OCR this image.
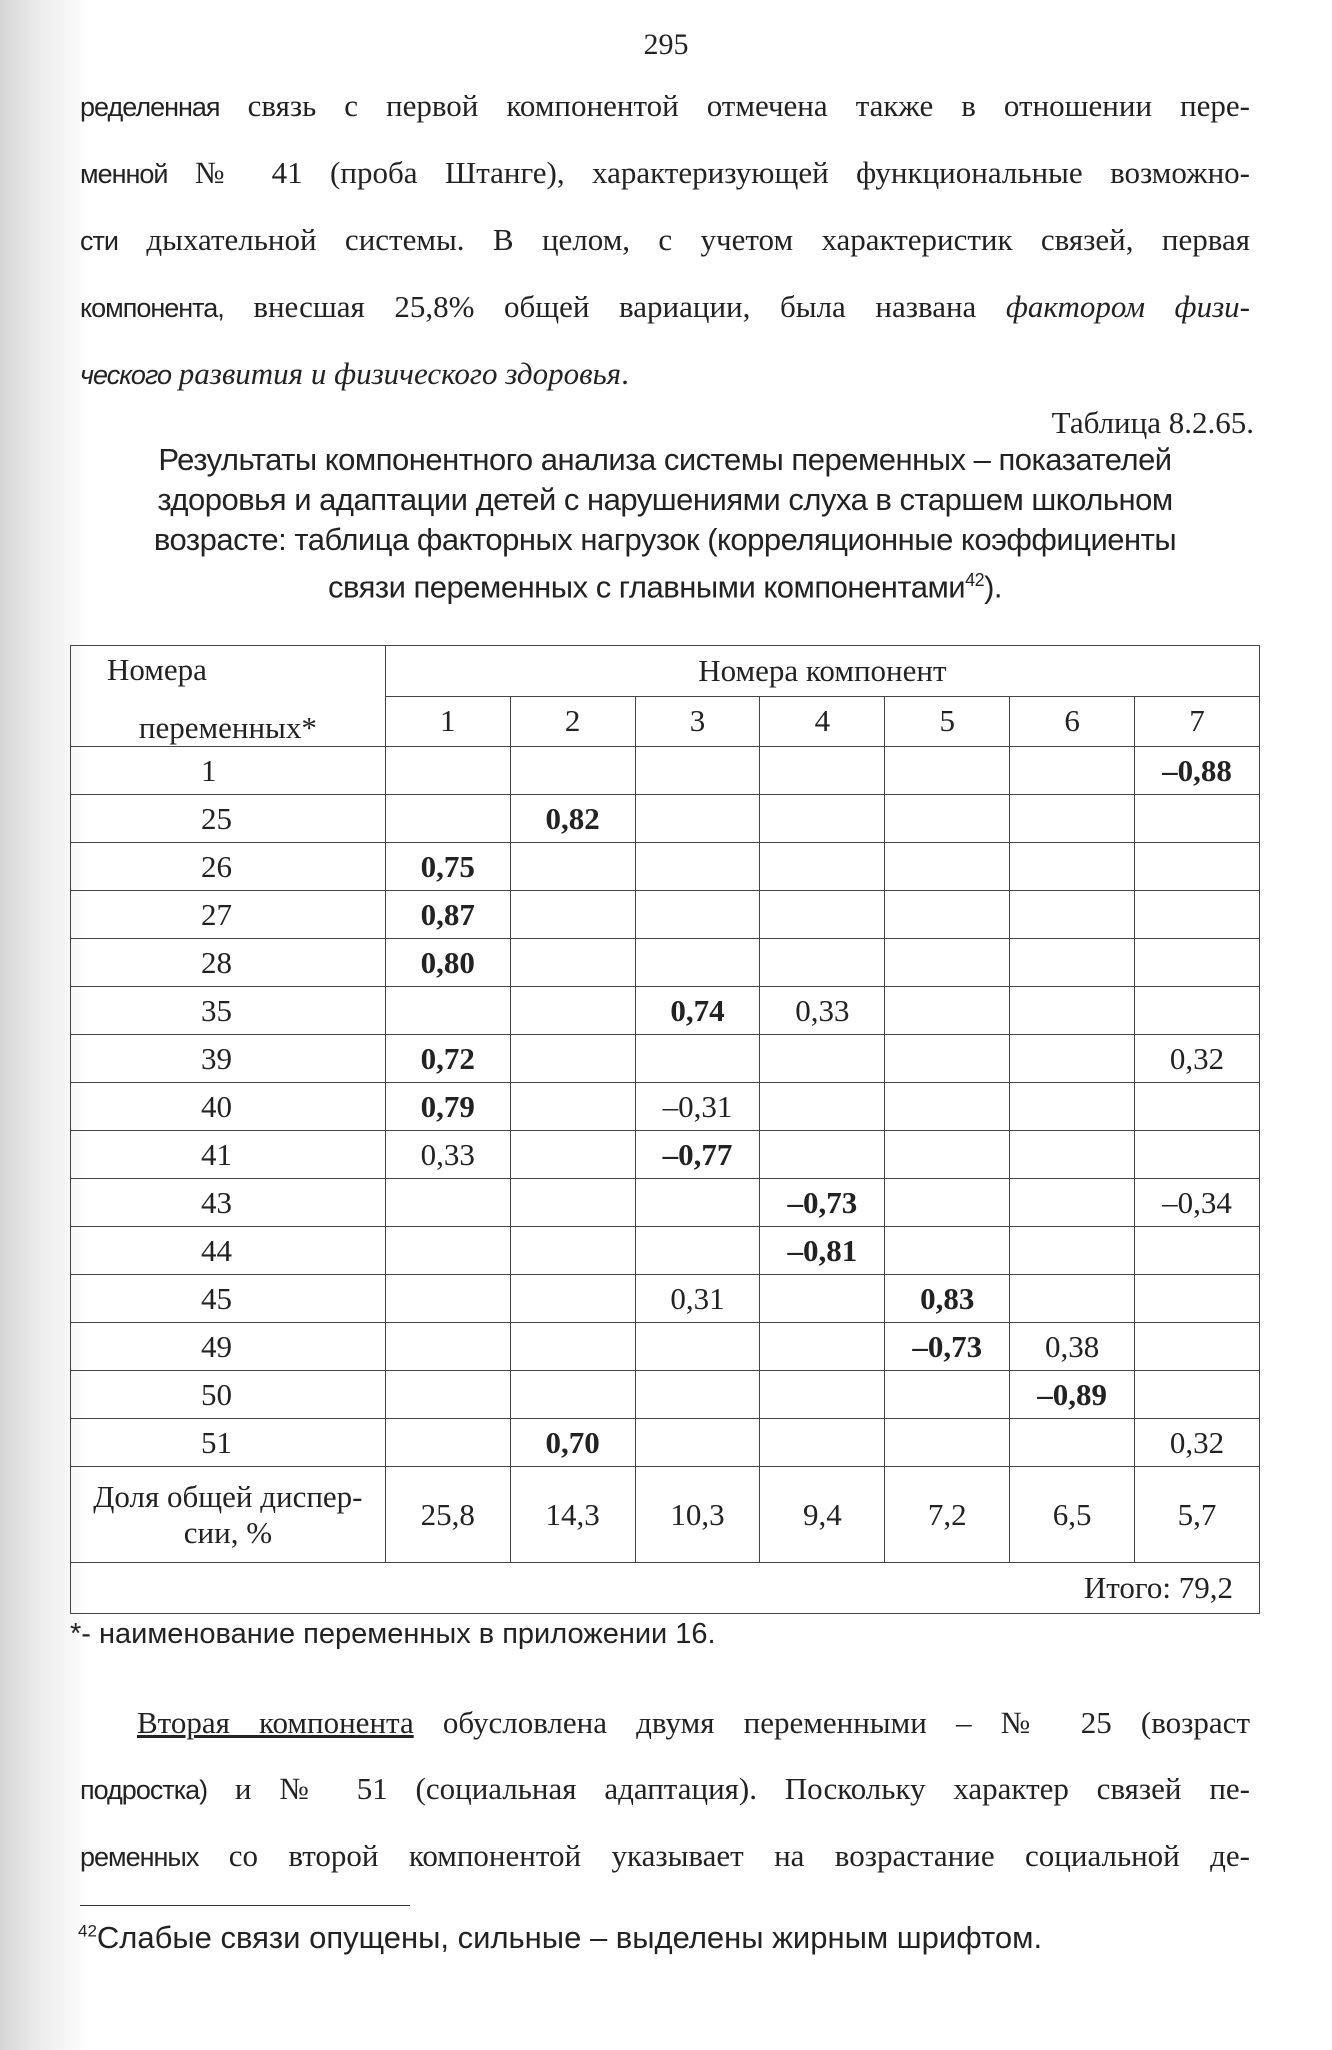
295
ределенная связь с первой компонентой отмечена также в отношении пере-
менной № 41 (проба Штанге), характеризующей функциональные возможно-
сти дыхательной системы. В целом, с учетом характеристик связей, первая
компонента, внесшая 25,8% общей вариации, была названа фактором физи-
ческого развития и физического здоровья.
Таблица 8.2.65.
Результаты компонентного анализа системы переменных – показателей
здоровья и адаптации детей с нарушениями слуха в старшем школьном
возрасте: таблица факторных нагрузок (корреляционные коэффициенты
связи переменных с главными компонентами$^{42}$).
Номера
переменных*	Номера компонент						
	1	2	3	4	5	6	7
1							–0,88
25		0,82					
26	0,75						
27	0,87						
28	0,80						
35			0,74	0,33			
39	0,72						0,32
40	0,79		–0,31				
41	0,33		–0,77				
43				–0,73			–0,34
44				–0,81			
45			0,31		0,83		
49					–0,73	0,38	
50						–0,89	
51		0,70					0,32

Доля общей диспер-
сии, %	25,8	14,3	10,3	9,4	7,2	6,5	5,7
Итого: 79,2							
*- наименование переменных в приложении 16.
Вторая компонента обусловлена двумя переменными – № 25 (возраст
подростка) и № 51 (социальная адаптация). Поскольку характер связей пе-
ременных со второй компонентой указывает на возрастание социальной де-
$^{42}$Слабые связи опущены, сильные – выделены жирным шрифтом.
